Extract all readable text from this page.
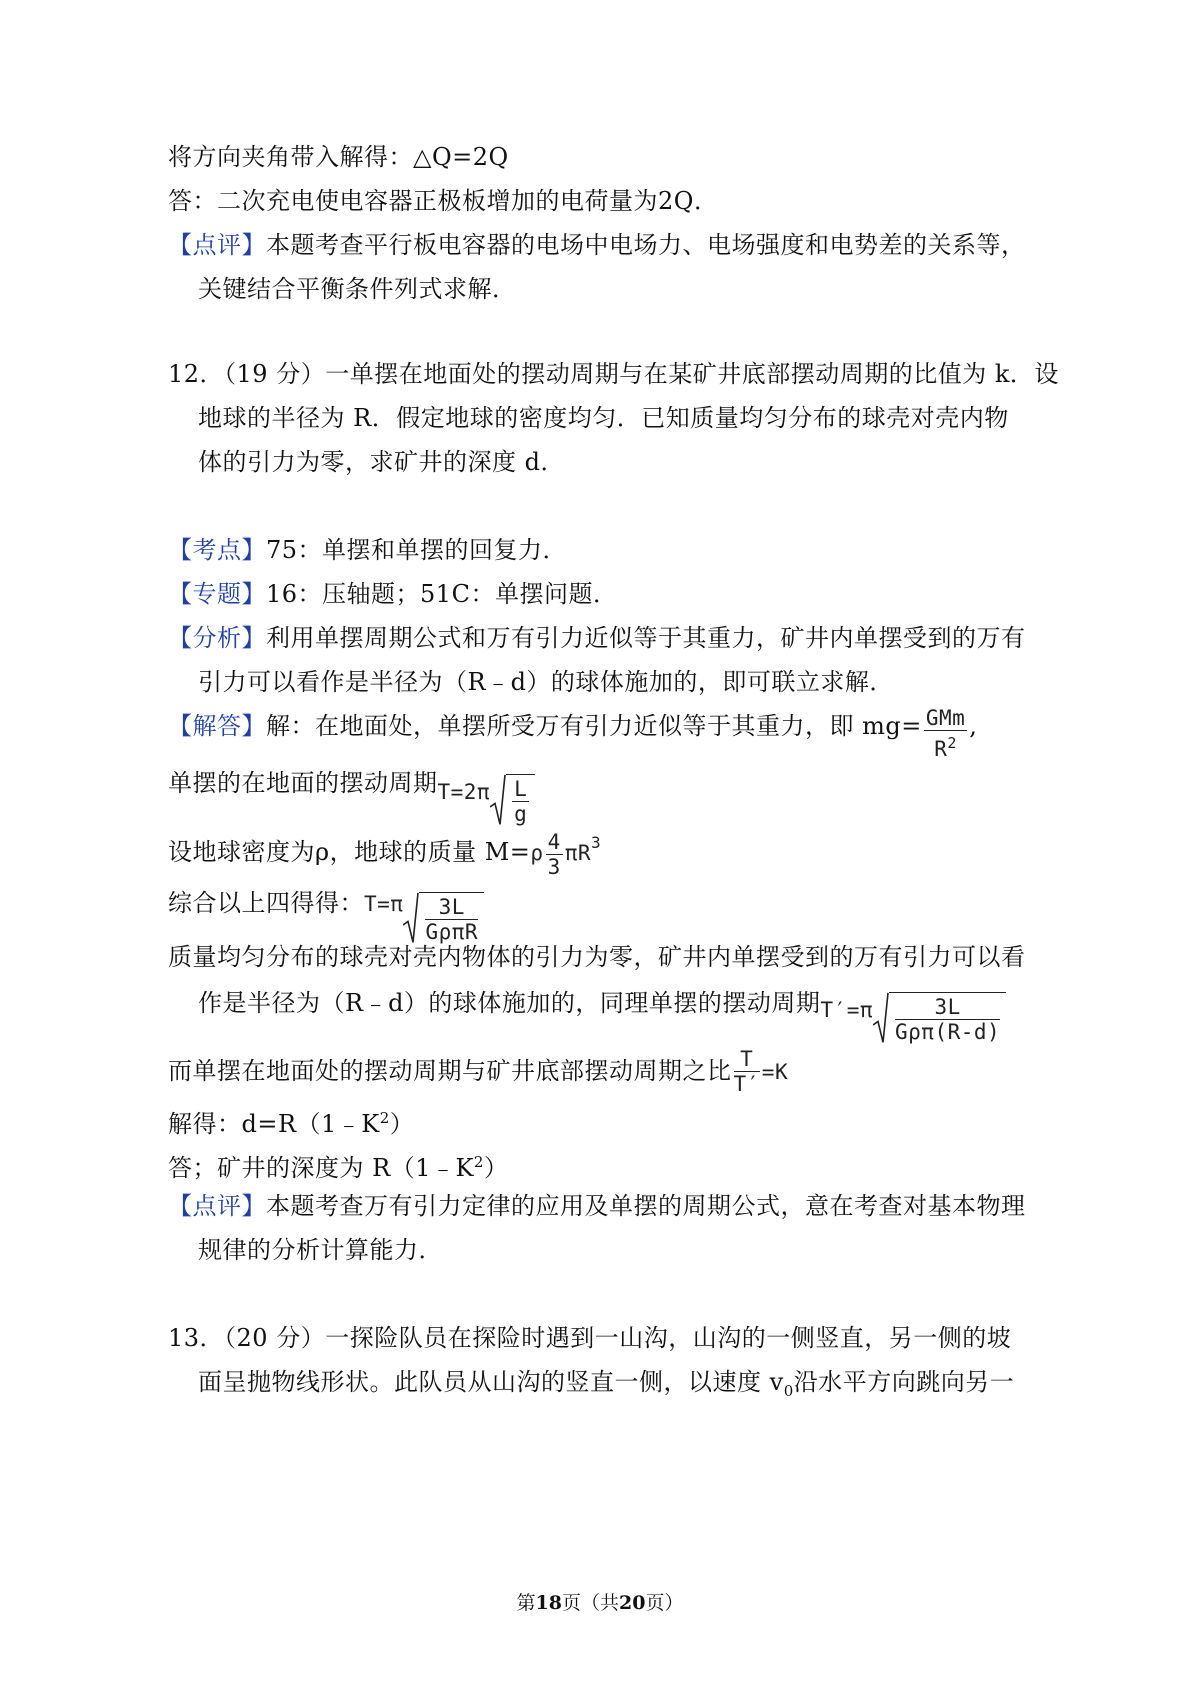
将方向夹角带入解得：△Q=2Q
答：二次充电使电容器正极板增加的电荷量为2Q．
【点评】本题考查平行板电容器的电场中电场力、电场强度和电势差的关系等，
关键结合平衡条件列式求解．
12．（19 分）一单摆在地面处的摆动周期与在某矿井底部摆动周期的比值为 k．设
地球的半径为 R．假定地球的密度均匀．已知质量均匀分布的球壳对壳内物
体的引力为零，求矿井的深度 d．
【考点】75：单摆和单摆的回复力．
【专题】16：压轴题；51C：单摆问题．
【分析】利用单摆周期公式和万有引力近似等于其重力，矿井内单摆受到的万有
引力可以看作是半径为（R﹣d）的球体施加的，即可联立求解．
【解答】解：在地面处，单摆所受万有引力近似等于其重力，即 $mg= \frac{\text{GMm}}{R^2}$ ,
单摆的在地面的摆动周期$T=2\pi \frac{L}{g}$
设地球密度为ρ，地球的质量 $M=\rho \frac{4}{3} \pi R^3$
综合以上四得得：$T=\pi \frac{3L}{\text{GρπR}}$
质量均匀分布的球壳对壳内物体的引力为零，矿井内单摆受到的万有引力可以看
作是半径为（R﹣d）的球体施加的，同理单摆的摆动周期$T'=\pi \frac{3L}{\text{Gρπ(R-d)}}$
而单摆在地面处的摆动周期与矿井底部摆动周期之比 $\frac{T}{T'} =K$
解得：$d=R(1﹣K^2)$
答；矿井的深度为 $R(1﹣K^2)$
【点评】本题考查万有引力定律的应用及单摆的周期公式，意在考查对基本物理
规律的分析计算能力．
13．（20 分）一探险队员在探险时遇到一山沟，山沟的一侧竖直，另一侧的坡
面呈抛物线形状。此队员从山沟的竖直一侧，以速度 $v_0$沿水平方向跳向另一
第18页（共20页）
